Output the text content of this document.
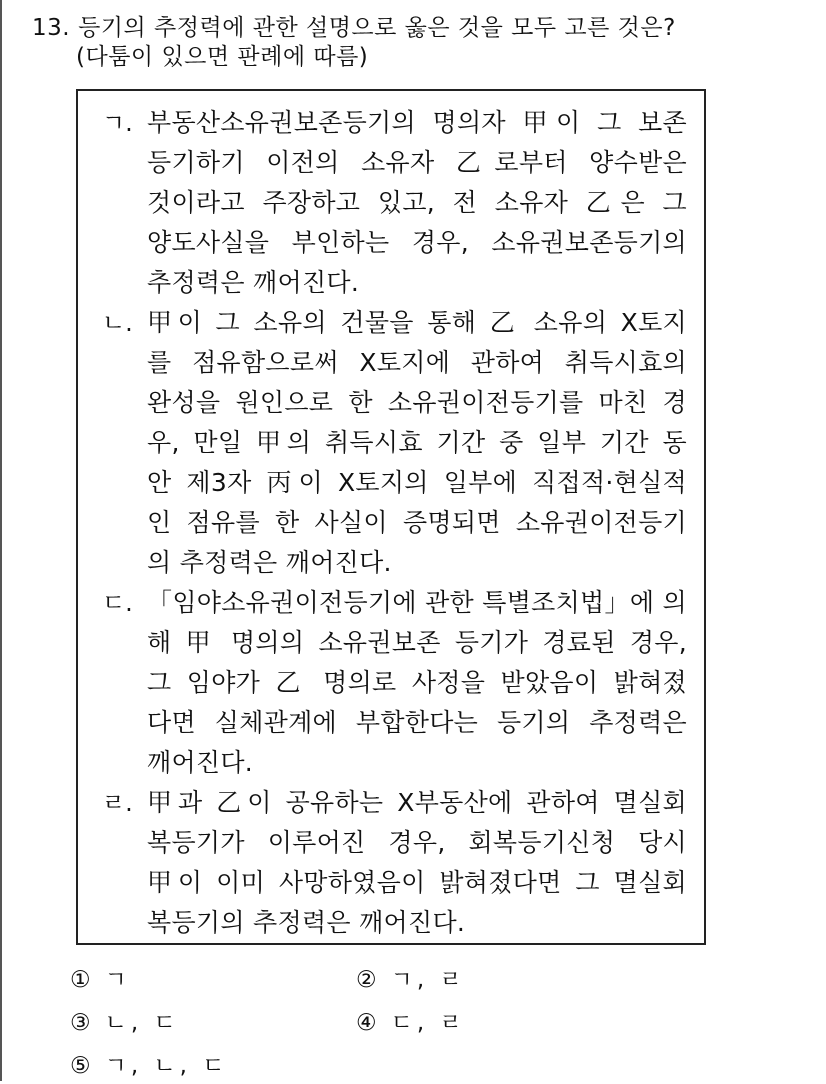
13. 등기의 추정력에 관한 설명으로 옳은 것을 모두 고른 것은?
(다툼이 있으면 판례에 따름)
ㄱ. 부동산소유권보존등기의 명의자 甲이 그 보존
등기하기 이전의 소유자 乙로부터 양수받은
것이라고 주장하고 있고, 전 소유자 乙은 그
양도사실을 부인하는 경우, 소유권보존등기의
추정력은 깨어진다.
ㄴ. 甲이 그 소유의 건물을 통해 乙 소유의 X토지
를 점유함으로써 X토지에 관하여 취득시효의
완성을 원인으로 한 소유권이전등기를 마친 경
우, 만일 甲의 취득시효 기간 중 일부 기간 동
안 제3자 丙이 X토지의 일부에 직접적·현실적
인 점유를 한 사실이 증명되면 소유권이전등기
의 추정력은 깨어진다.
ㄷ. 「임야소유권이전등기에 관한 특별조치법」에 의
해 甲 명의의 소유권보존 등기가 경료된 경우,
그 임야가 乙 명의로 사정을 받았음이 밝혀졌
다면 실체관계에 부합한다는 등기의 추정력은
깨어진다.
ㄹ. 甲과 乙이 공유하는 X부동산에 관하여 멸실회
복등기가 이루어진 경우, 회복등기신청 당시
甲이 이미 사망하였음이 밝혀졌다면 그 멸실회
복등기의 추정력은 깨어진다.
① ㄱ	② ㄱ, ㄹ
③ ㄴ, ㄷ	④ ㄷ, ㄹ
⑤ ㄱ, ㄴ, ㄷ
